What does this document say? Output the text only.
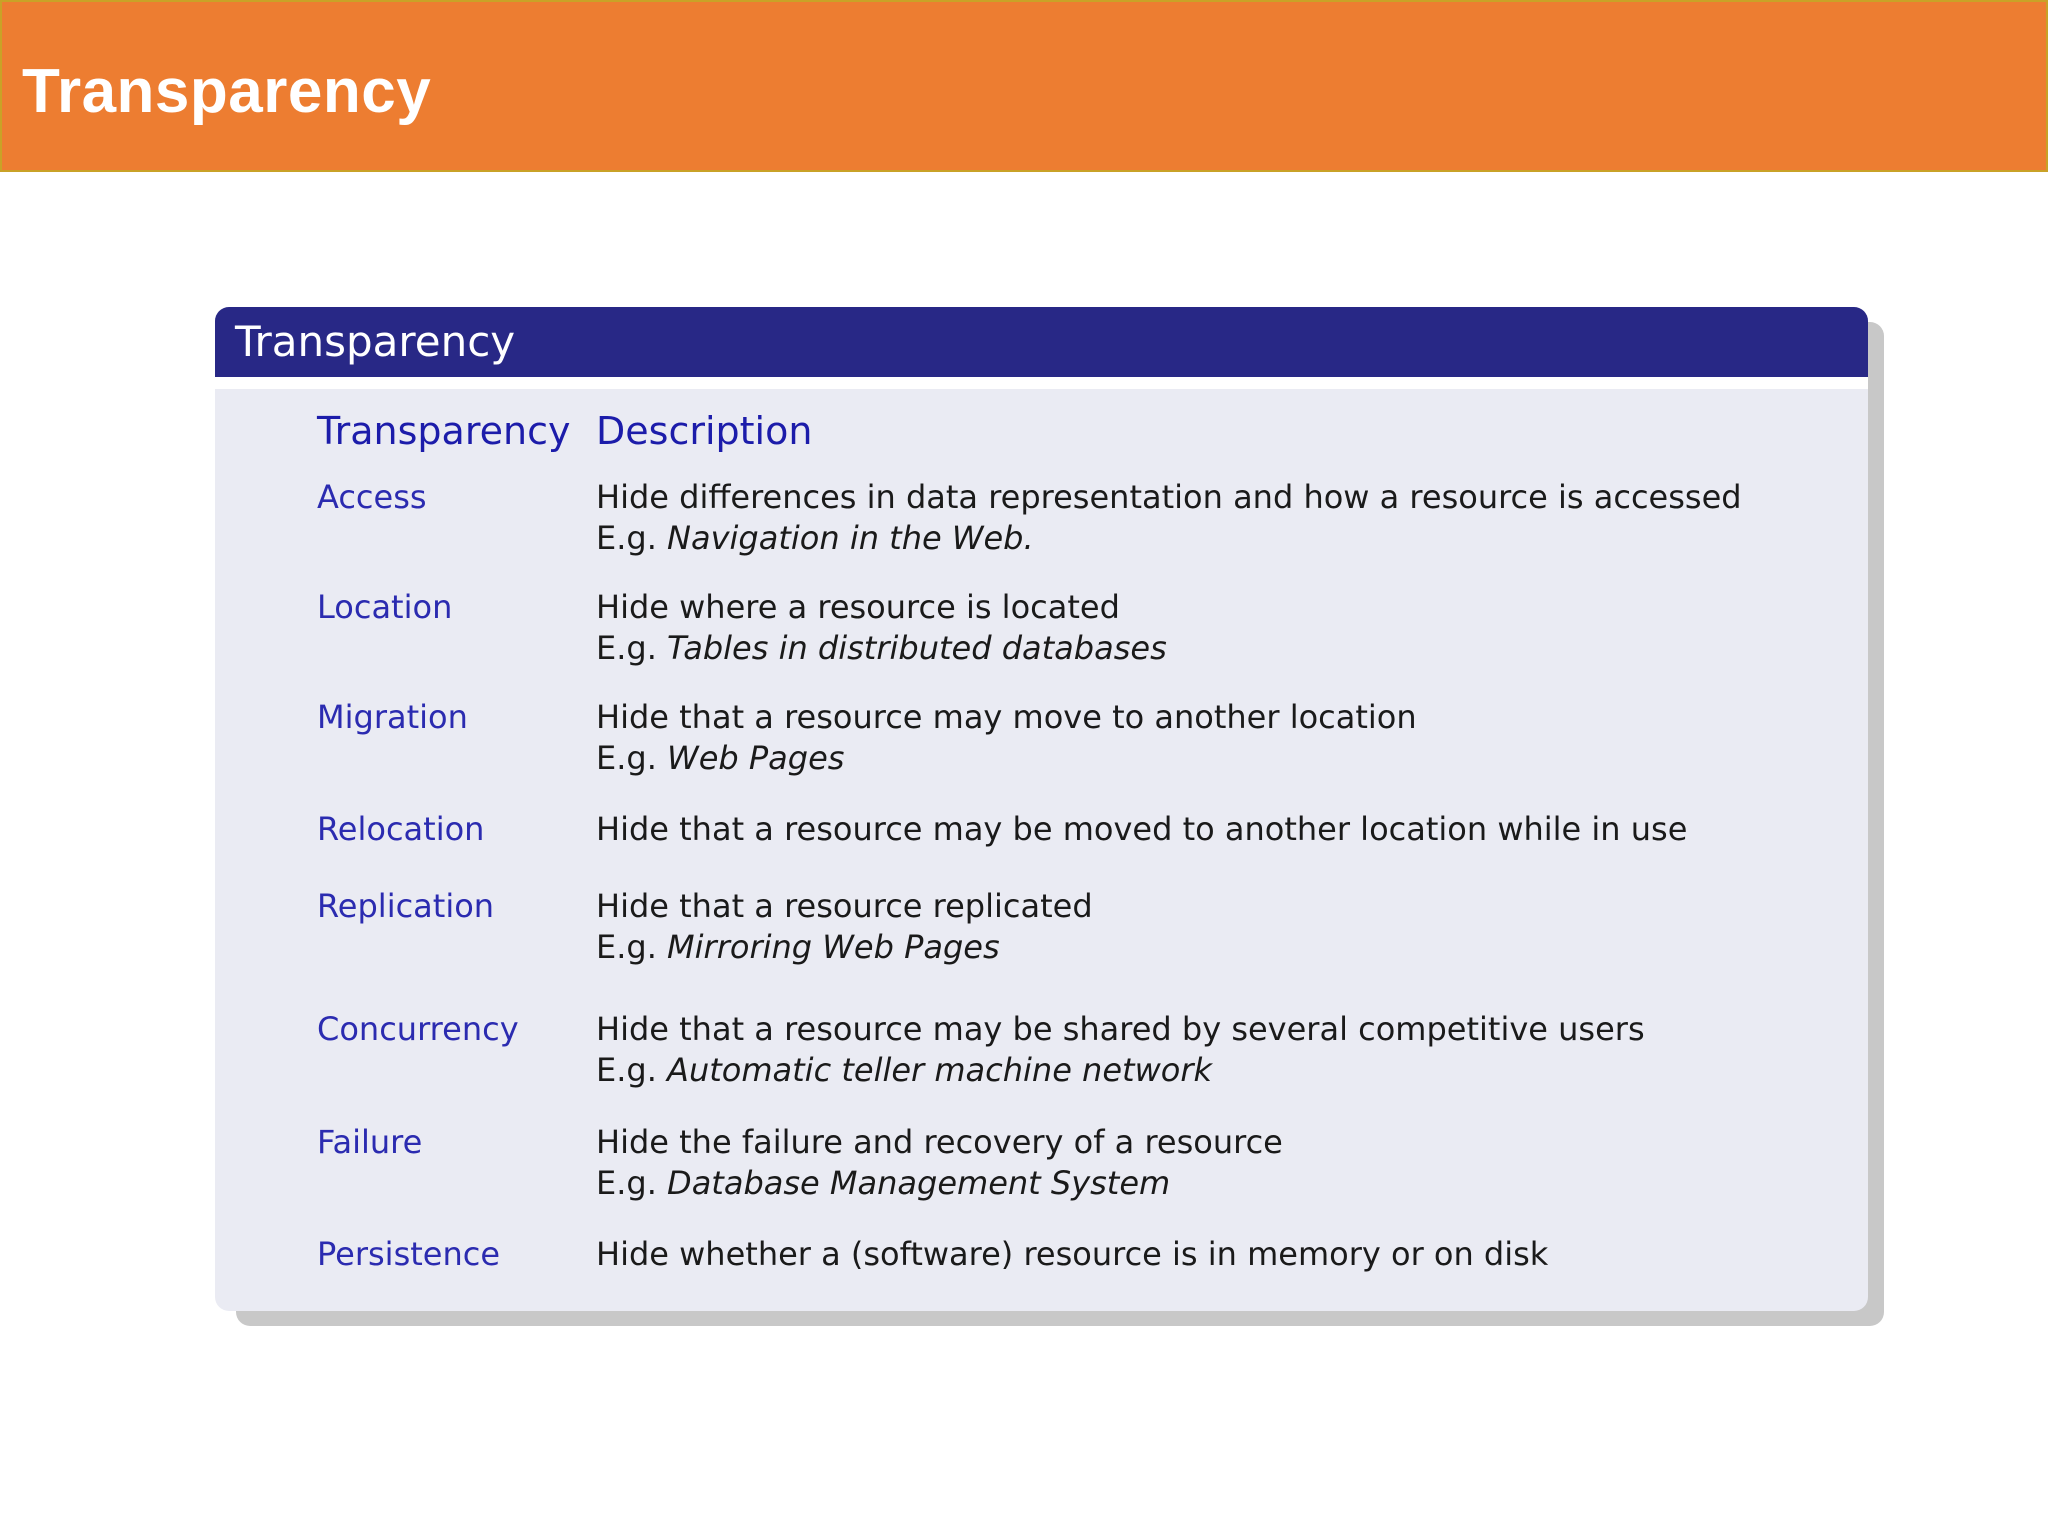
Transparency
Transparency
Transparency Description
Access	Hide differences in data representation and how a resource is accessed
E.g. Navigation in the Web.
Location	Hide where a resource is located
E.g. Tables in distributed databases
Migration	Hide that a resource may move to another location
E.g. Web Pages
Relocation	Hide that a resource may be moved to another location while in use
Replication	Hide that a resource replicated
E.g. Mirroring Web Pages
Concurrency Hide that a resource may be shared by several competitive users
E.g. Automatic teller machine network
Failure	Hide the failure and recovery of a resource
E.g. Database Management System
Persistence	Hide whether a (software) resource is in memory or on disk
